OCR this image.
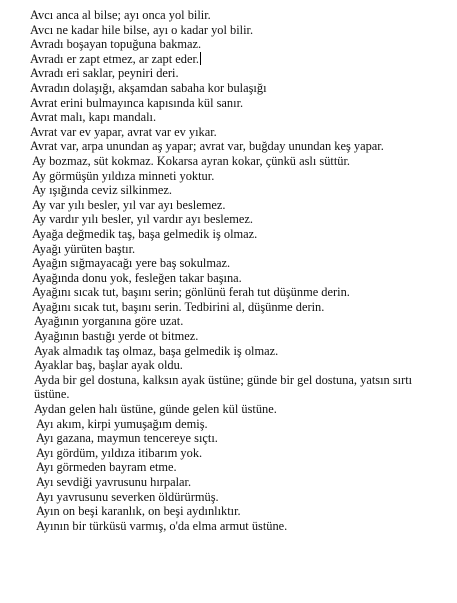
Avcı anca al bilse; ayı onca yol bilir.
Avcı ne kadar hile bilse, ayı o kadar yol bilir.
Avradı boşayan topuğuna bakmaz.
Avradı er zapt etmez, ar zapt eder.
Avradı eri saklar, peyniri deri.
Avradın dolaşığı, akşamdan sabaha kor bulaşığı
Avrat erini bulmayınca kapısında kül sanır.
Avrat malı, kapı mandalı.
Avrat var ev yapar, avrat var ev yıkar.
Avrat var, arpa unundan aş yapar; avrat var, buğday unundan keş yapar.
Ay bozmaz, süt kokmaz. Kokarsa ayran kokar, çünkü aslı süttür.
Ay görmüşün yıldıza minneti yoktur.
Ay ışığında ceviz silkinmez.
Ay var yılı besler, yıl var ayı beslemez.
Ay vardır yılı besler, yıl vardır ayı beslemez.
Ayağa değmedik taş, başa gelmedik iş olmaz.
Ayağı yürüten baştır.
Ayağın sığmayacağı yere baş sokulmaz.
Ayağında donu yok, fesleğen takar başına.
Ayağını sıcak tut, başını serin; gönlünü ferah tut düşünme derin.
Ayağını sıcak tut, başını serin. Tedbirini al, düşünme derin.
Ayağının yorganına göre uzat.
Ayağının bastığı yerde ot bitmez.
Ayak almadık taş olmaz, başa gelmedik iş olmaz.
Ayaklar baş, başlar ayak oldu.
Ayda bir gel dostuna, kalksın ayak üstüne; günde bir gel dostuna, yatsın sırtı üstüne.
Aydan gelen halı üstüne, günde gelen kül üstüne.
Ayı akım, kirpi yumuşağım demiş.
Ayı gazana, maymun tencereye sıçtı.
Ayı gördüm, yıldıza itibarım yok.
Ayı görmeden bayram etme.
Ayı sevdiği yavrusunu hırpalar.
Ayı yavrusunu severken öldürürmüş.
Ayın on beşi karanlık, on beşi aydınlıktır.
Ayının bir türküsü varmış, o'da elma armut üstüne.
